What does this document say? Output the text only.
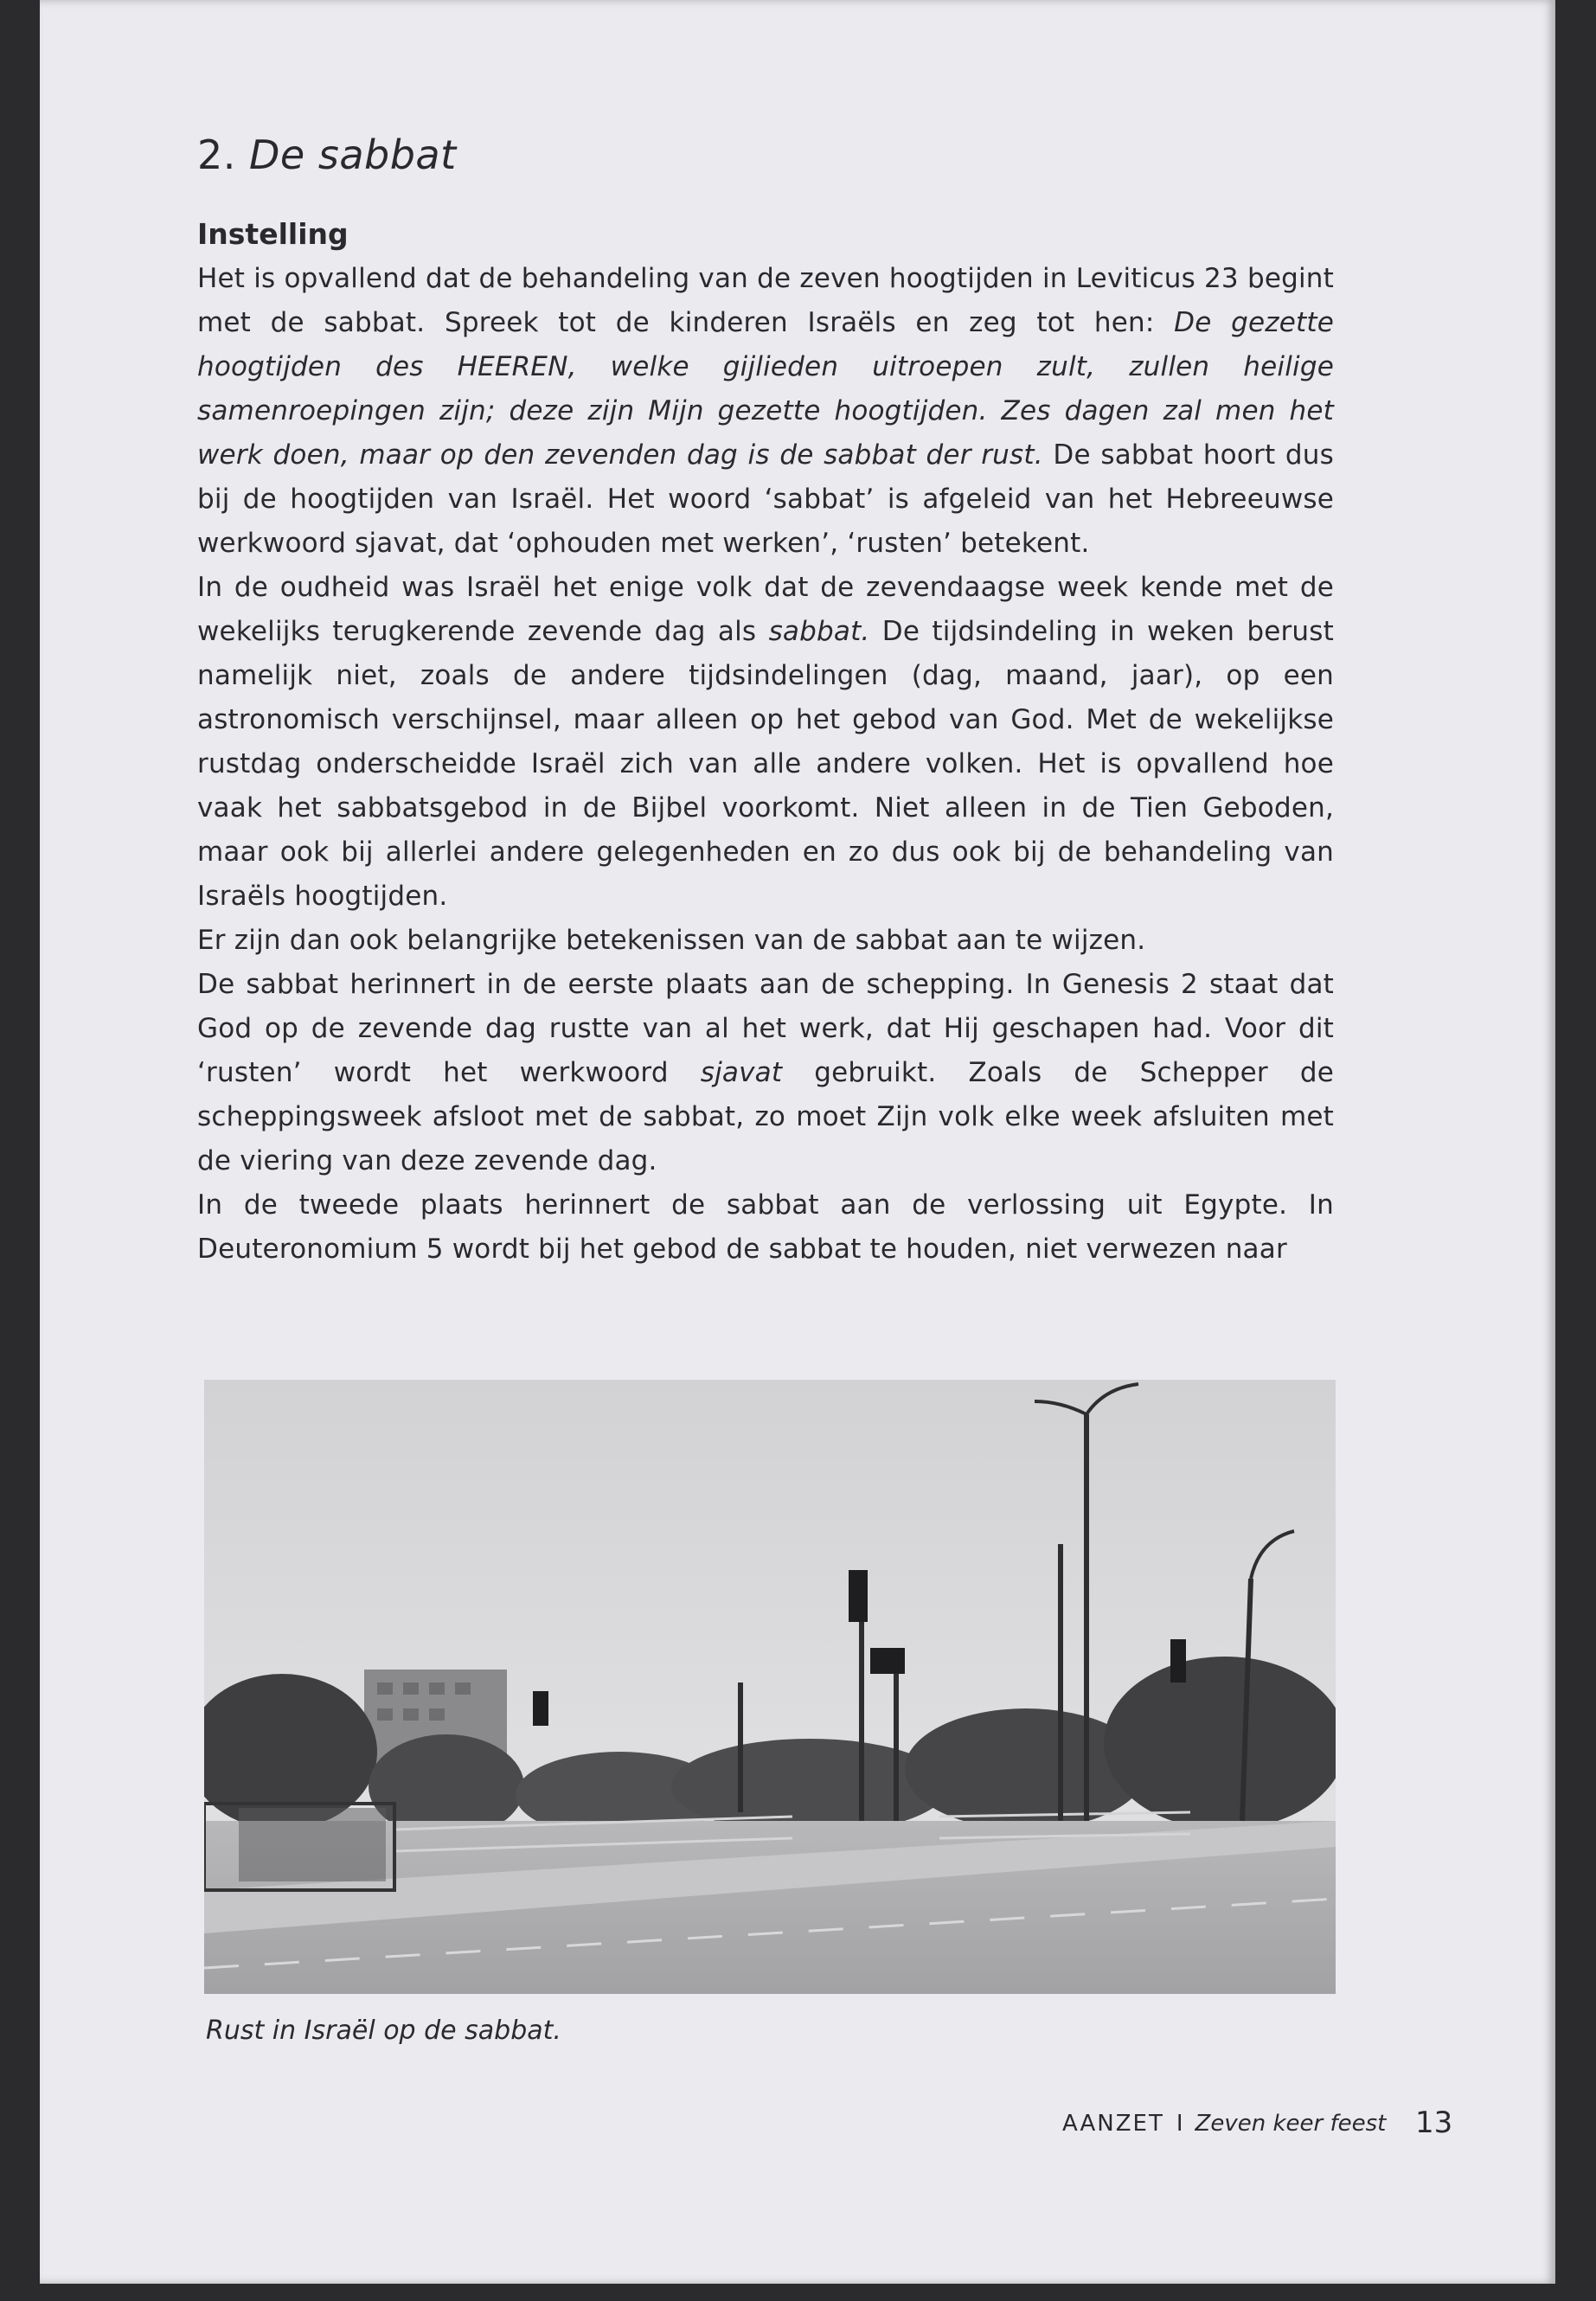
2. De sabbat
Instelling

Het is opvallend dat de behandeling van de zeven hoogtijden in Leviticus 23 begint met de sabbat. Spreek tot de kinderen Israëls en zeg tot hen: De gezette hoogtijden des HEEREN, welke gijlieden uitroepen zult, zullen heilige samenroepingen zijn; deze zijn Mijn gezette hoogtijden. Zes dagen zal men het werk doen, maar op den zevenden dag is de sabbat der rust. De sabbat hoort dus bij de hoogtijden van Israël. Het woord ‘sabbat’ is afgeleid van het Hebreeuwse werkwoord sjavat, dat ‘ophouden met werken’, ‘rusten’ betekent.

In de oudheid was Israël het enige volk dat de zevendaagse week kende met de wekelijks terugkerende zevende dag als sabbat. De tijdsindeling in weken berust namelijk niet, zoals de andere tijdsindelingen (dag, maand, jaar), op een astronomisch verschijnsel, maar alleen op het gebod van God. Met de wekelijkse rustdag onderscheidde Israël zich van alle andere volken. Het is opvallend hoe vaak het sabbatsgebod in de Bijbel voorkomt. Niet alleen in de Tien Geboden, maar ook bij allerlei andere gelegenheden en zo dus ook bij de behandeling van Israëls hoogtijden.

Er zijn dan ook belangrijke betekenissen van de sabbat aan te wijzen.

De sabbat herinnert in de eerste plaats aan de schepping. In Genesis 2 staat dat God op de zevende dag rustte van al het werk, dat Hij geschapen had. Voor dit ‘rusten’ wordt het werkwoord sjavat gebruikt. Zoals de Schepper de scheppingsweek afsloot met de sabbat, zo moet Zijn volk elke week afsluiten met de viering van deze zevende dag.

In de tweede plaats herinnert de sabbat aan de verlossing uit Egypte. In Deuteronomium 5 wordt bij het gebod de sabbat te houden, niet verwezen naar

Rust in Israël op de sabbat.
AANZET I Zeven keer feest 13
